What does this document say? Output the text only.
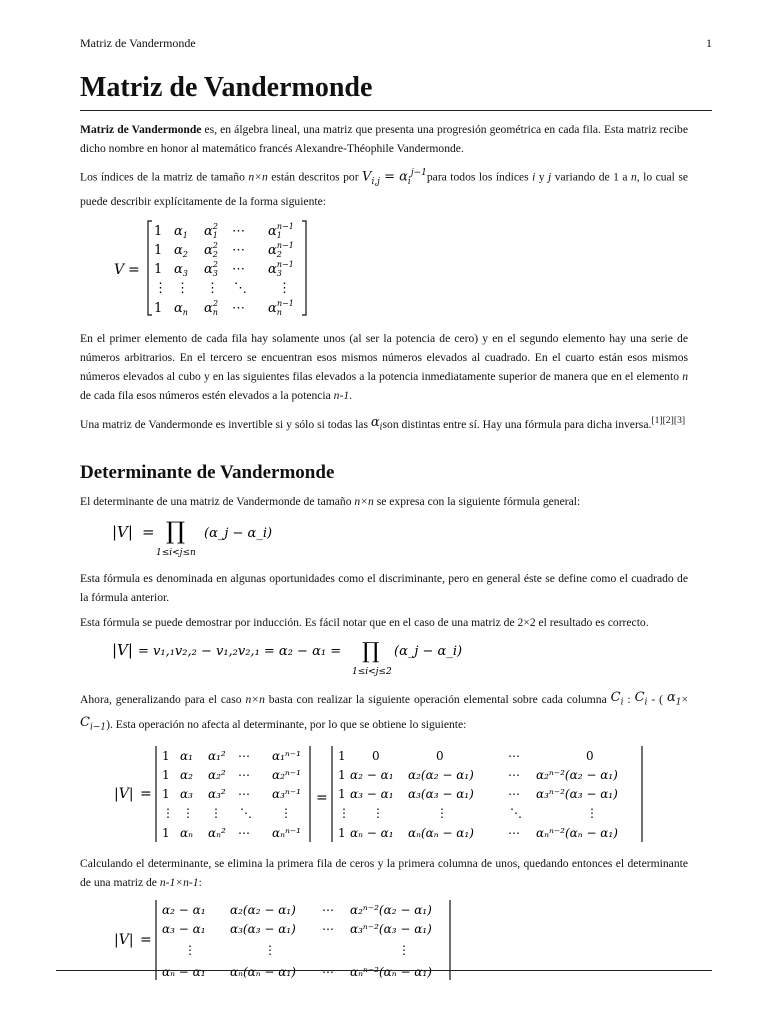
Matriz de Vandermonde	1
Matriz de Vandermonde

Matriz de Vandermonde es, en álgebra lineal, una matriz que presenta una progresión geométrica en cada fila. Esta matriz recibe dicho nombre en honor al matemático francés Alexandre-Théophile Vandermonde.

Los índices de la matriz de tamaño n×n están descritos por $V_{i,j}$ = $\alpha_i^{j-1}para$ todos los índices i y j variando de 1 a n, lo cual se puede describir explícitamente de la forma siguiente:

V =
1 $\alpha_1$ $\alpha_12$ ⋯ $\alpha_1n-1$
1 $\alpha_2$ $\alpha_22$ ⋯ $\alpha_2n-1$
1 $\alpha_3$ $\alpha_32$ ⋯ $\alpha_3n-1$
⋮ ⋮ ⋮ ⋱ ⋮
1 $\alpha_n$ $\alpha_n2$ ⋯ $\alpha_nn-1$

En el primer elemento de cada fila hay solamente unos (al ser la potencia de cero) y en el segundo elemento hay una serie de números arbitrarios. En el tercero se encuentran esos mismos números elevados al cuadrado. En el cuarto están esos mismos números elevados al cubo y en las siguientes filas elevados a la potencia inmediatamente superior de manera que en el elemento n de cada fila esos números estén elevados a la potencia n-1.

Una matriz de Vandermonde es invertible si y sólo si todas las $\alpha_ison$ distintas entre sí. Hay una fórmula para dicha inversa.[1][2][3]

Determinante de Vandermonde

El determinante de una matriz de Vandermonde de tamaño n×n se expresa con la siguiente fórmula general:

|V| = ∏
1≤i<j≤n
(α_j − α_i)

Esta fórmula es denominada en algunas oportunidades como el discriminante, pero en general éste se define como el cuadrado de la fórmula anterior.

Esta fórmula se puede demostrar por inducción. Es fácil notar que en el caso de una matriz de 2×2 el resultado es correcto.

|V| = v₁,₁v₂,₂ − v₁,₂v₂,₁ = α₂ − α₁ = ∏
1≤i<j≤2
(α_j − α_i)

Ahora, generalizando para el caso n×n basta con realizar la siguiente operación elemental sobre cada columna $C_i$ : $C_i$ - ( $\alpha_1\times C_{i-1}$). Esta operación no afecta al determinante, por lo que se obtiene lo siguiente:

|V| =
1 α₁ α₁² ⋯ α₁ⁿ⁻¹
1 α₂ α₂² ⋯ α₂ⁿ⁻¹
1 α₃ α₃² ⋯ α₃ⁿ⁻¹
⋮ ⋮ ⋮ ⋱ ⋮
1 αₙ αₙ² ⋯ αₙⁿ⁻¹
=
1 0	0	⋯	0
1 α₂ − α₁ α₂(α₂ − α₁)	⋯ α₂ⁿ⁻²(α₂ − α₁)
1 α₃ − α₁ α₃(α₃ − α₁)	⋯ α₃ⁿ⁻²(α₃ − α₁)
⋮ ⋮	⋮	⋱	⋮
1 αₙ − α₁ αₙ(αₙ − α₁)	⋯ αₙⁿ⁻²(αₙ − α₁)

Calculando el determinante, se elimina la primera fila de ceros y la primera columna de unos, quedando entonces el determinante de una matriz de n-1×n-1:

|V| =
α₂ − α₁ α₂(α₂ − α₁) ⋯ α₂ⁿ⁻²(α₂ − α₁)
α₃ − α₁ α₃(α₃ − α₁) ⋯ α₃ⁿ⁻²(α₃ − α₁)
⋮	⋮	⋮
αₙ − α₁ αₙ(αₙ − α₁) ⋯ αₙⁿ⁻²(αₙ − α₁)
